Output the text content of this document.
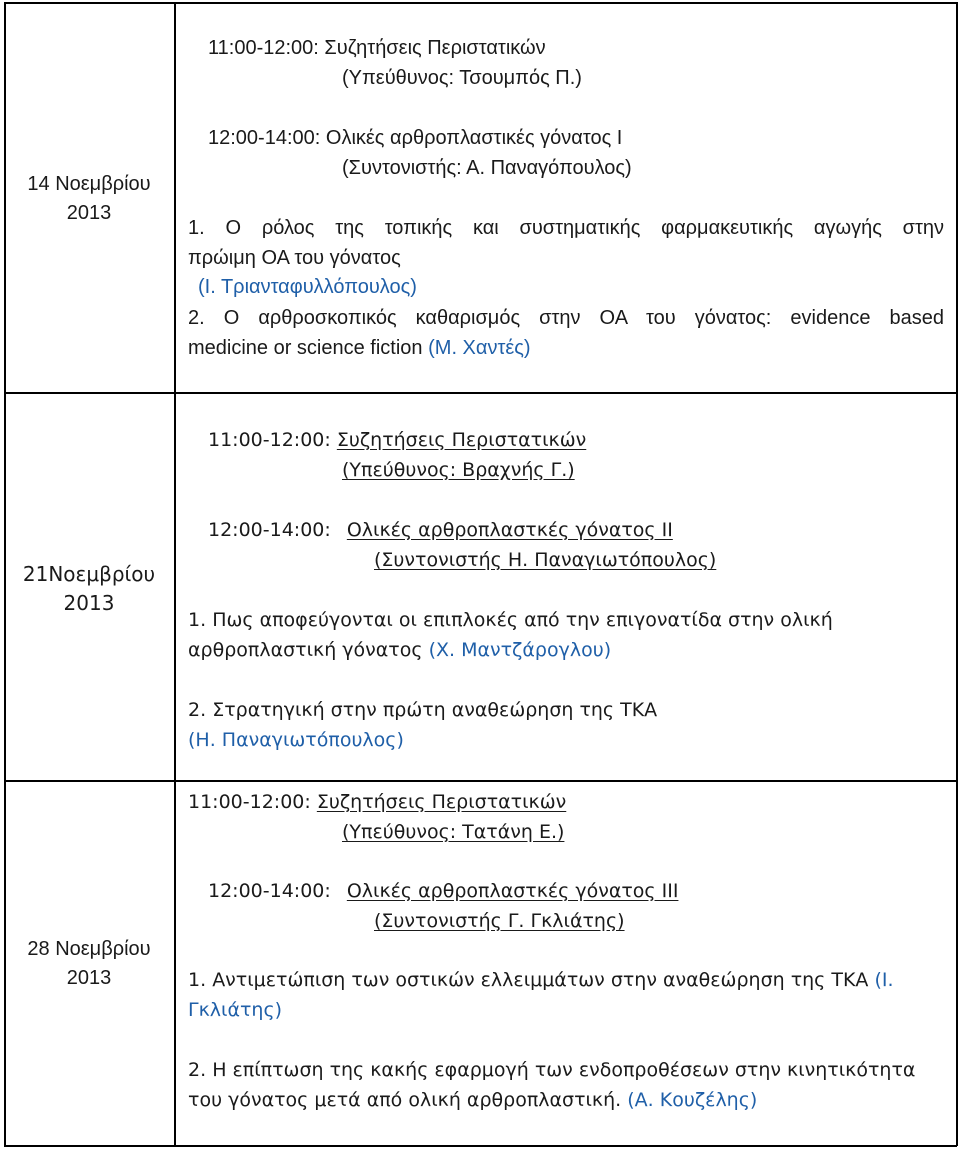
14 Νοεμβρίου
2013
11:00-12:00: Συζητήσεις Περιστατικών
(Υπεύθυνος: Τσουμπός Π.)
12:00-14:00: Ολικές αρθροπλαστικές γόνατος Ι
(Συντονιστής: Α. Παναγόπουλος)
1. Ο ρόλος της τοπικής και συστηματικής φαρμακευτικής αγωγής στην
πρώιμη ΟΑ του γόνατος
(Ι. Τριανταφυλλόπουλος)
2. Ο αρθροσκοπικός καθαρισμός στην ΟΑ του γόνατος: evidence based
medicine or science fiction (Μ. Χαντές)
21Νοεμβρίου
2013
11:00-12:00: Συζητήσεις Περιστατικών
(Υπεύθυνος: Βραχνής Γ.)
12:00-14:00: Ολικές αρθροπλαστκές γόνατος ΙΙ
(Συντονιστής Η. Παναγιωτόπουλος)
1. Πως αποφεύγονται οι επιπλοκές από την επιγονατίδα στην ολική
αρθροπλαστική γόνατος (Χ. Μαντζάρογλου)
2. Στρατηγική στην πρώτη αναθεώρηση της ΤΚΑ
(Η. Παναγιωτόπουλος)
28 Νοεμβρίου
2013
11:00-12:00: Συζητήσεις Περιστατικών
(Υπεύθυνος: Τατάνη Ε.)
12:00-14:00: Ολικές αρθροπλαστκές γόνατος ΙΙΙ
(Συντονιστής Γ. Γκλιάτης)
1. Αντιμετώπιση των οστικών ελλειμμάτων στην αναθεώρηση της ΤΚΑ (Ι.
Γκλιάτης)
2. Η επίπτωση της κακής εφαρμογή των ενδοπροθέσεων στην κινητικότητα
του γόνατος μετά από ολική αρθροπλαστική. (Α. Κουζέλης)
